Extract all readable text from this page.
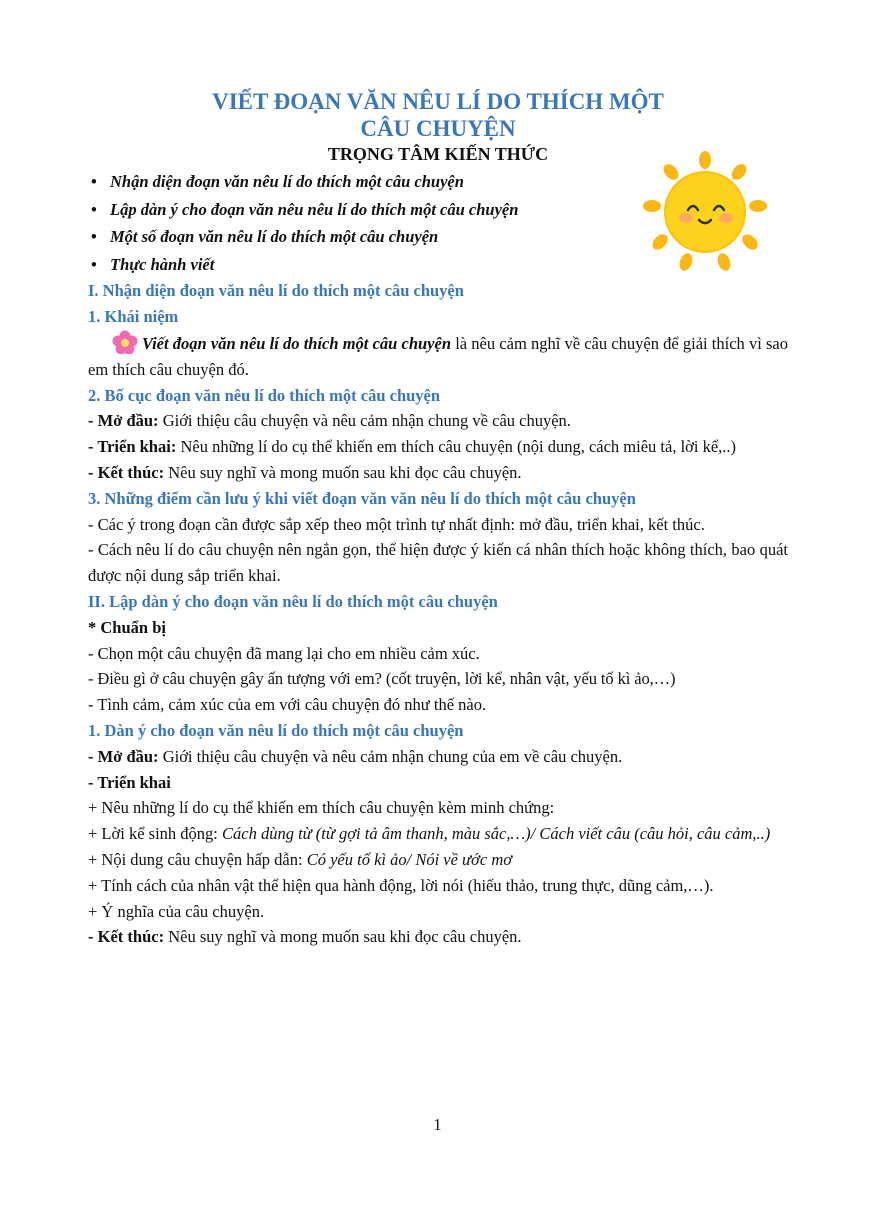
VIẾT ĐOẠN VĂN NÊU LÍ DO THÍCH MỘT
CÂU CHUYỆN
TRỌNG TÂM KIẾN THỨC
• Nhận diện đoạn văn nêu lí do thích một câu chuyện
• Lập dàn ý cho đoạn văn nêu nêu lí do thích một câu chuyện
• Một số đoạn văn nêu lí do thích một câu chuyện
• Thực hành viết
I. Nhận diện đoạn văn nêu lí do thích một câu chuyện
1. Khái niệm

Viết đoạn văn nêu lí do thích một câu chuyện là nêu cảm nghĩ về câu chuyện để giải thích vì sao em thích câu chuyện đó.

2. Bố cục đoạn văn nêu lí do thích một câu chuyện

- Mở đầu: Giới thiệu câu chuyện và nêu cảm nhận chung về câu chuyện.

- Triển khai: Nêu những lí do cụ thể khiến em thích câu chuyện (nội dung, cách miêu tả, lời kể,..)

- Kết thúc: Nêu suy nghĩ và mong muốn sau khi đọc câu chuyện.

3. Những điểm cần lưu ý khi viết đoạn văn văn nêu lí do thích một câu chuyện

- Các ý trong đoạn cần được sắp xếp theo một trình tự nhất định: mở đầu, triển khai, kết thúc.

- Cách nêu lí do câu chuyện nên ngắn gọn, thể hiện được ý kiến cá nhân thích hoặc không thích, bao quát được nội dung sắp triển khai.

II. Lập dàn ý cho đoạn văn nêu lí do thích một câu chuyện

* Chuẩn bị

- Chọn một câu chuyện đã mang lại cho em nhiều cảm xúc.

- Điều gì ở câu chuyện gây ấn tượng với em? (cốt truyện, lời kể, nhân vật, yếu tố kì ảo,…)

- Tình cảm, cảm xúc của em với câu chuyện đó như thế nào.

1. Dàn ý cho đoạn văn nêu lí do thích một câu chuyện

- Mở đầu: Giới thiệu câu chuyện và nêu cảm nhận chung của em về câu chuyện.

- Triển khai

+ Nêu những lí do cụ thể khiến em thích câu chuyện kèm minh chứng:

+ Lời kể sinh động: Cách dùng từ (từ gợi tả âm thanh, màu sắc,…)/ Cách viết câu (câu hỏi, câu cảm,..)

+ Nội dung câu chuyện hấp dẫn: Có yếu tố kì ảo/ Nói về ước mơ

+ Tính cách của nhân vật thể hiện qua hành động, lời nói (hiếu thảo, trung thực, dũng cảm,…).

+ Ý nghĩa của câu chuyện.

- Kết thúc: Nêu suy nghĩ và mong muốn sau khi đọc câu chuyện.

1
